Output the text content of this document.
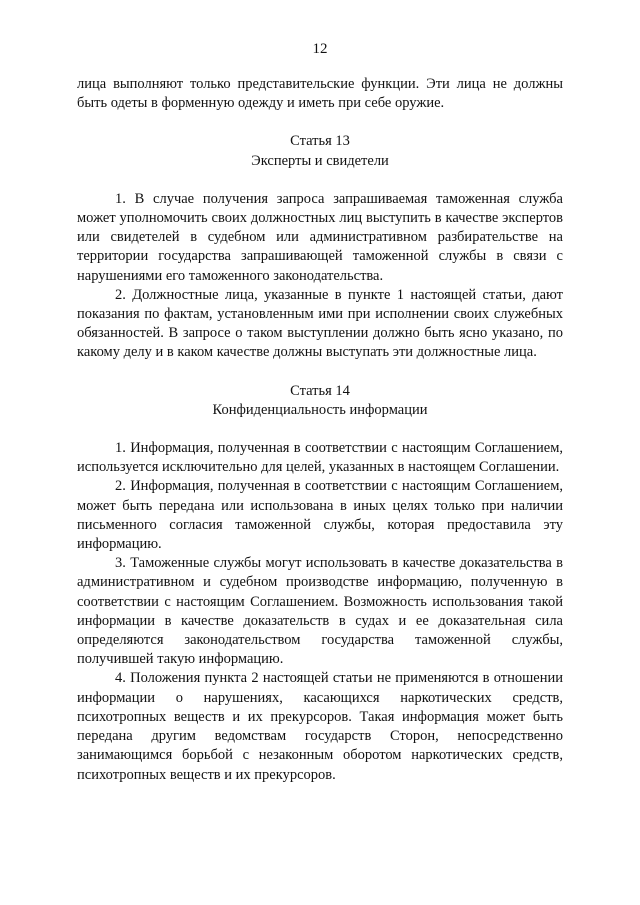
12

лица выполняют только представительские функции. Эти лица не должны быть одеты в форменную одежду и иметь при себе оружие.

Статья 13
Эксперты и свидетели

1. В случае получения запроса запрашиваемая таможенная служба может уполномочить своих должностных лиц выступить в качестве экспертов или свидетелей в судебном или административном разбирательстве на территории государства запрашивающей таможенной службы в связи с нарушениями его таможенного законодательства.

2. Должностные лица, указанные в пункте 1 настоящей статьи, дают показания по фактам, установленным ими при исполнении своих служебных обязанностей. В запросе о таком выступлении должно быть ясно указано, по какому делу и в каком качестве должны выступать эти должностные лица.

Статья 14
Конфиденциальность информации

1. Информация, полученная в соответствии с настоящим Соглашением, используется исключительно для целей, указанных в настоящем Соглашении.

2. Информация, полученная в соответствии с настоящим Соглашением, может быть передана или использована в иных целях только при наличии письменного согласия таможенной службы, которая предоставила эту информацию.

3. Таможенные службы могут использовать в качестве доказательства в административном и судебном производстве информацию, полученную в соответствии с настоящим Соглашением. Возможность использования такой информации в качестве доказательств в судах и ее доказательная сила определяются законодательством государства таможенной службы, получившей такую информацию.

4. Положения пункта 2 настоящей статьи не применяются в отношении информации о нарушениях, касающихся наркотических средств, психотропных веществ и их прекурсоров. Такая информация может быть передана другим ведомствам государств Сторон, непосредственно занимающимся борьбой с незаконным оборотом наркотических средств, психотропных веществ и их прекурсоров.
